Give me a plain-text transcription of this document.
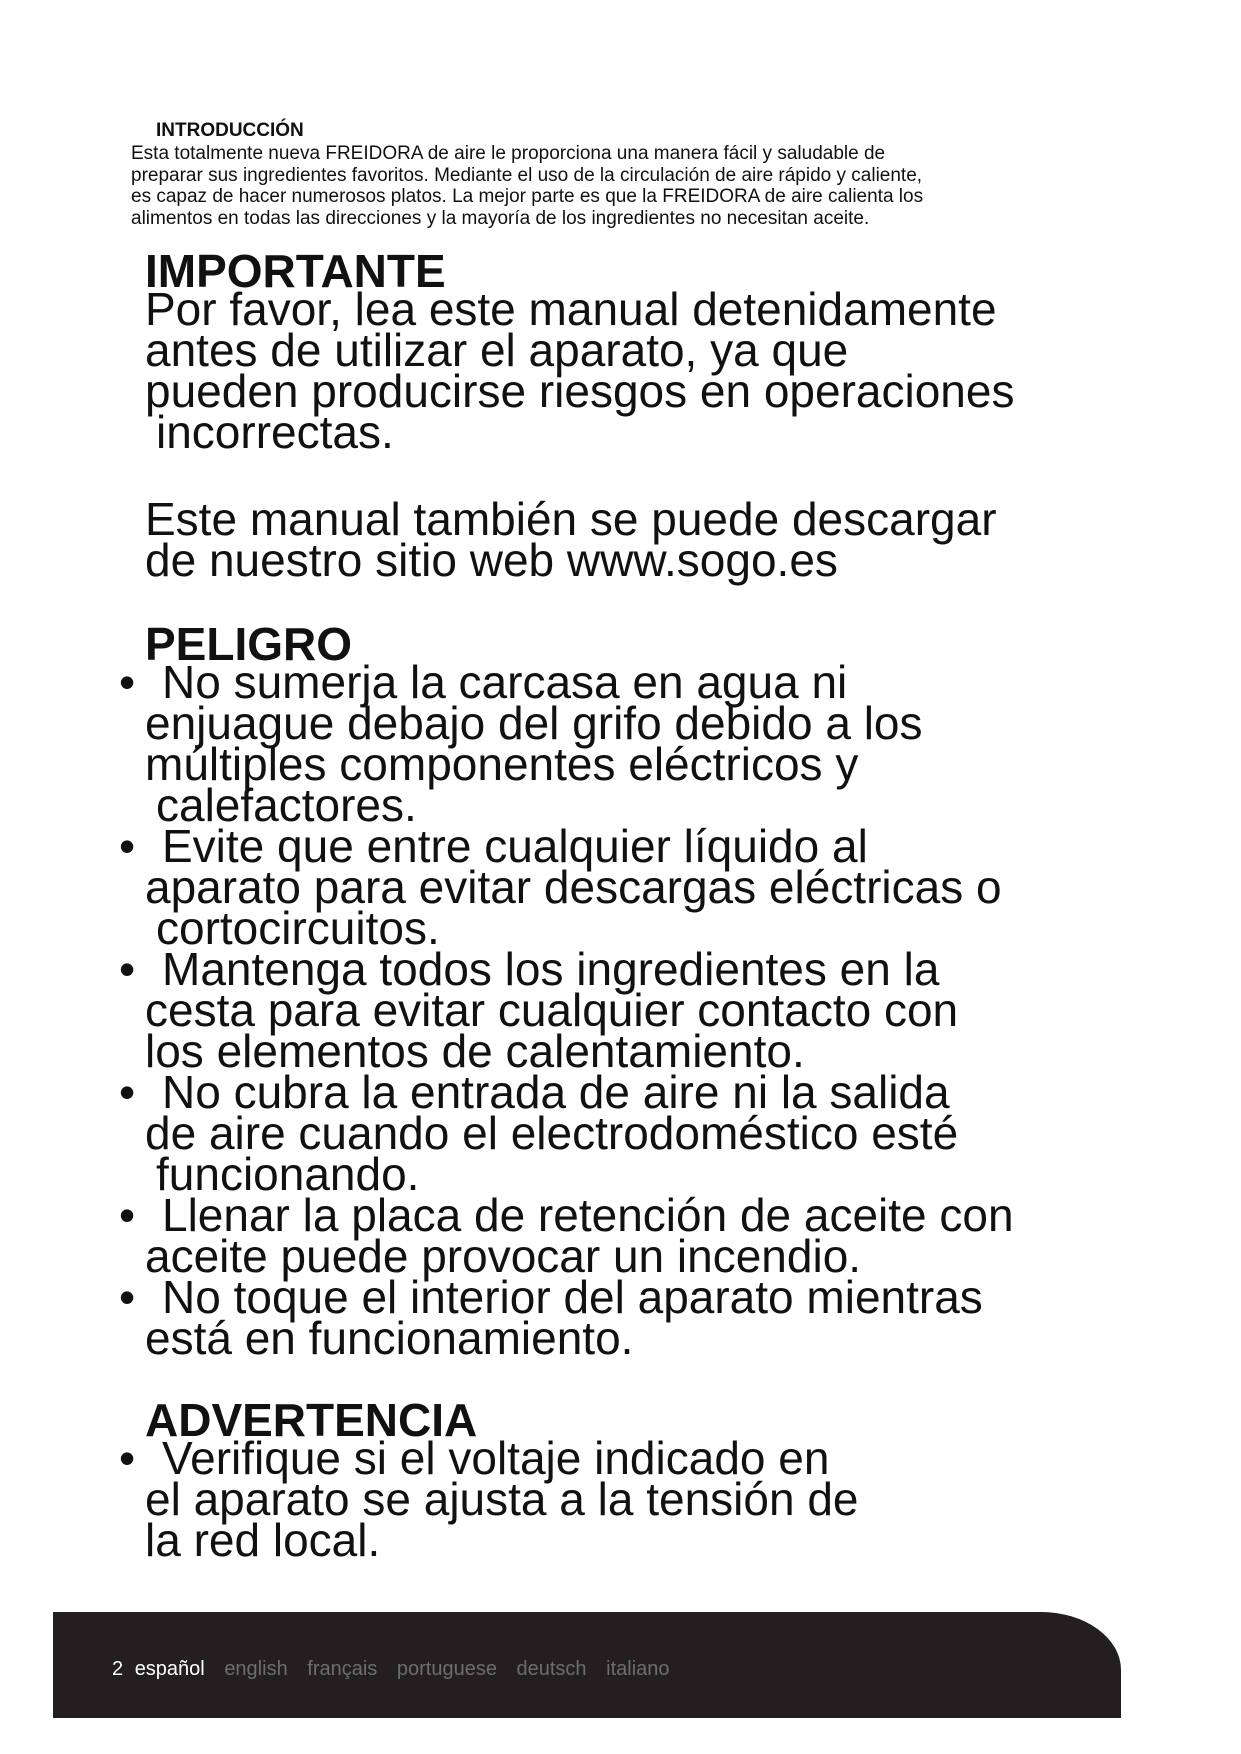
INTRODUCCIÓN

Esta totalmente nueva FREIDORA de aire le proporciona una manera fácil y saludable de
preparar sus ingredientes favoritos. Mediante el uso de la circulación de aire rápido y caliente,
es capaz de hacer numerosos platos. La mejor parte es que la FREIDORA de aire calienta los
alimentos en todas las direcciones y la mayoría de los ingredientes no necesitan aceite.

IMPORTANTE
Por favor, lea este manual detenidamente
antes de utilizar el aparato, ya que
pueden producirse riesgos en operaciones
incorrectas.
Este manual también se puede descargar
de nuestro sitio web www.sogo.es
PELIGRO
• No sumerja la carcasa en agua ni
enjuague debajo del grifo debido a los
múltiples componentes eléctricos y
calefactores.
• Evite que entre cualquier líquido al
aparato para evitar descargas eléctricas o
cortocircuitos.
• Mantenga todos los ingredientes en la
cesta para evitar cualquier contacto con
los elementos de calentamiento.
• No cubra la entrada de aire ni la salida
de aire cuando el electrodoméstico esté
funcionando.
• Llenar la placa de retención de aceite con
aceite puede provocar un incendio.
• No toque el interior del aparato mientras
está en funcionamiento.
ADVERTENCIA
• Verifique si el voltaje indicado en
el aparato se ajusta a la tensión de
la red local.
2 español english français portuguese deutsch italiano
